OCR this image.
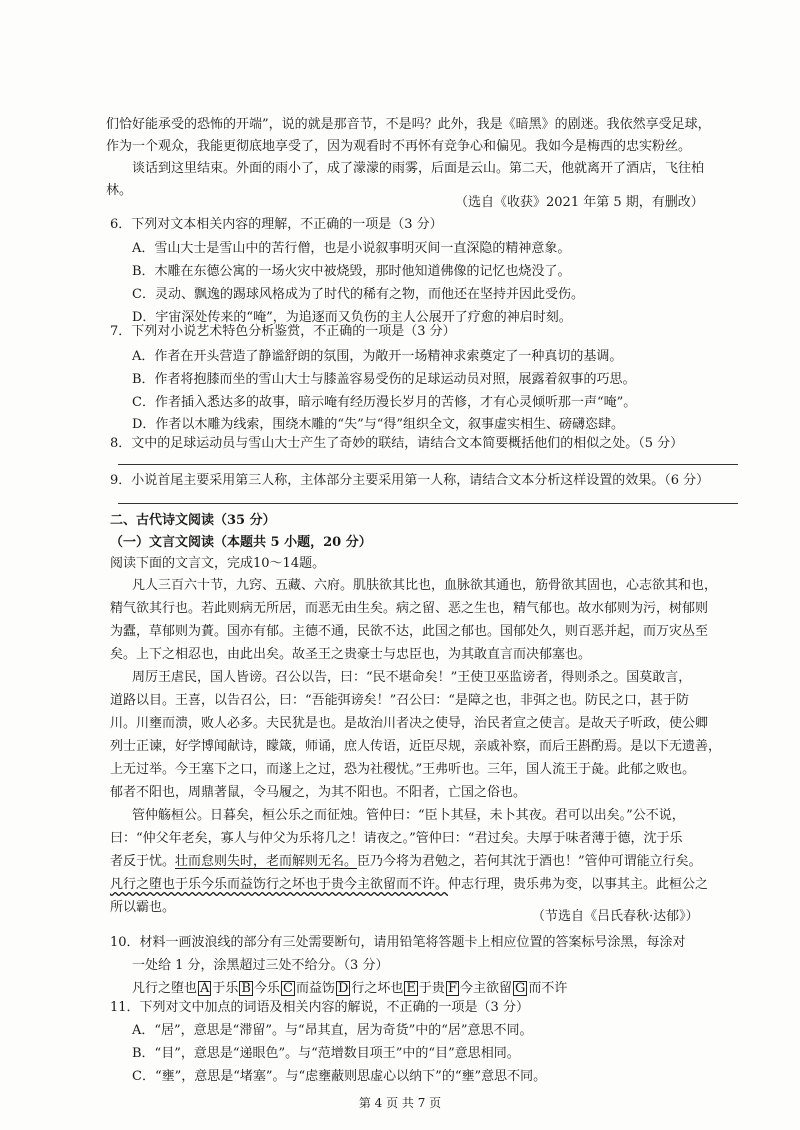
们恰好能承受的恐怖的开端”，说的就是那音节，不是吗？此外，我是《暗黑》的剧迷。我依然享受足球，
作为一个观众，我能更彻底地享受了，因为观看时不再怀有竞争心和偏见。我如今是梅西的忠实粉丝。
谈话到这里结束。外面的雨小了，成了濛濛的雨雾，后面是云山。第二天，他就离开了酒店，飞往柏
林。
（选自《收获》2021 年第 5 期，有删改）
6．下列对文本相关内容的理解，不正确的一项是（3 分）
A．雪山大士是雪山中的苦行僧，也是小说叙事明灭间一直深隐的精神意象。
B．木雕在东德公寓的一场火灾中被烧毁，那时他知道佛像的记忆也烧没了。
C．灵动、飘逸的踢球风格成为了时代的稀有之物，而他还在坚持并因此受伤。
D．宇宙深处传来的“唵”，为追逐而又负伤的主人公展开了疗愈的神启时刻。
7．下列对小说艺术特色分析鉴赏，不正确的一项是（3 分）
A．作者在开头营造了静谧舒朗的氛围，为敞开一场精神求索奠定了一种真切的基调。
B．作者将抱膝而坐的雪山大士与膝盖容易受伤的足球运动员对照，展露着叙事的巧思。
C．作者插入悉达多的故事，暗示唵有经历漫长岁月的苦修，才有心灵倾听那一声“唵”。
D．作者以木雕为线索，围绕木雕的“失”与“得”组织全文，叙事虚实相生、磅礴恣肆。
8．文中的足球运动员与雪山大士产生了奇妙的联结，请结合文本简要概括他们的相似之处。（5 分）
9．小说首尾主要采用第三人称，主体部分主要采用第一人称，请结合文本分析这样设置的效果。（6 分）
二、古代诗文阅读（35 分）
（一）文言文阅读（本题共 5 小题，20 分）
阅读下面的文言文，完成10～14题。
凡人三百六十节，九窍、五藏、六府。肌肤欲其比也，血脉欲其通也，筋骨欲其固也，心志欲其和也，
精气欲其行也。若此则病无所居，而恶无由生矣。病之留、恶之生也，精气郁也。故水郁则为污，树郁则
为蠹，草郁则为蕢。国亦有郁。主德不通，民欲不达，此国之郁也。国郁处久，则百恶并起，而万灾丛至
矣。上下之相忍也，由此出矣。故圣王之贵豪士与忠臣也，为其敢直言而决郁塞也。
周厉王虐民，国人皆谤。召公以告，曰：“民不堪命矣！”王使卫巫监谤者，得则杀之。国莫敢言，
道路以目。王喜，以告召公，曰：“吾能弭谤矣！”召公曰：“是障之也，非弭之也。防民之口，甚于防
川。川壅而溃，败人必多。夫民犹是也。是故治川者决之使导，治民者宣之使言。是故天子听政，使公卿
列士正谏，好学博闻献诗，矇箴，师诵，庶人传语，近臣尽规，亲戚补察，而后王斟酌焉。是以下无遗善，
上无过举。今王塞下之口，而遂上之过，恐为社稷忧。”王弗听也。三年，国人流王于彘。此郁之败也。
郁者不阳也，周鼎著鼠，令马履之，为其不阳也。不阳者，亡国之俗也。
管仲觞桓公。日暮矣，桓公乐之而征烛。管仲曰：“臣卜其昼，未卜其夜。君可以出矣。”公不说，
曰：“仲父年老矣，寡人与仲父为乐将几之！请夜之。”管仲曰：“君过矣。夫厚于味者薄于德，沈于乐
者反于忧。壮而怠则失时，老而解则无名。臣乃今将为君勉之，若何其沈于酒也！”管仲可谓能立行矣。
凡行之堕也于乐今乐而益饬行之坏也于贵今主欲留而不许。仲志行理，贵乐弗为变，以事其主。此桓公之
所以霸也。
（节选自《吕氏春秋·达郁》）
10．材料一画波浪线的部分有三处需要断句，请用铅笔将答题卡上相应位置的答案标号涂黑，每涂对
一处给 1 分，涂黑超过三处不给分。（3 分）
凡行之堕也 A 于乐 B 今乐 C 而益饬 D 行之坏也 E 于贵 F 今主欲留 G 而不许
11．下列对文中加点的词语及相关内容的解说，不正确的一项是（3 分）
A．“居”，意思是“滞留”。与“昂其直，居为奇货”中的“居”意思不同。
B．“目”，意思是“递眼色”。与“范增数目项王”中的“目”意思相同。
C．“壅”，意思是“堵塞”。与“虑壅蔽则思虚心以纳下”的“壅”意思不同。
第 4 页 共 7 页
